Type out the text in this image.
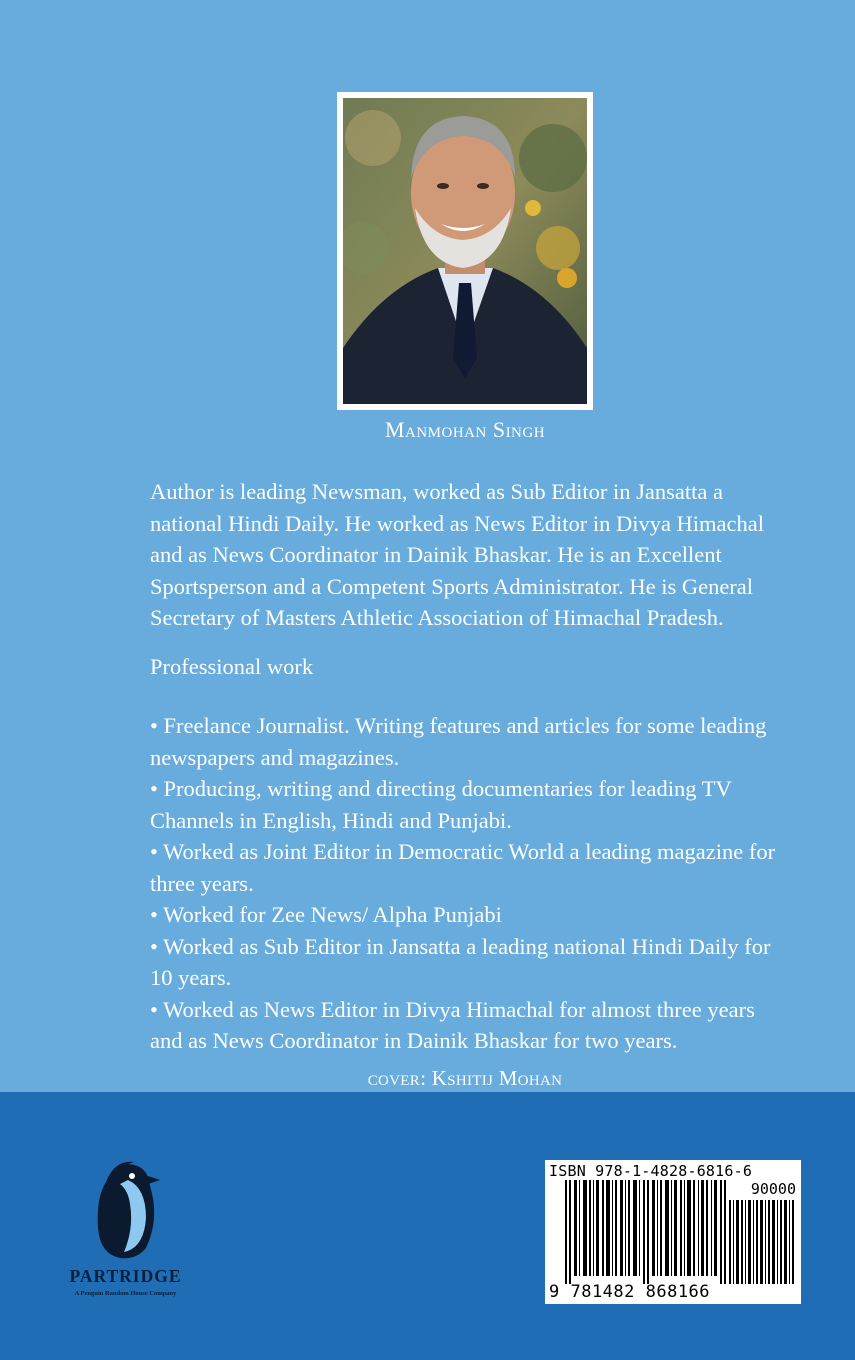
Manmohan Singh
Author is leading Newsman, worked as Sub Editor in Jansatta a national Hindi Daily. He worked as News Editor in Divya Himachal and as News Coordinator in Dainik Bhaskar. He is an Excellent Sportsperson and a Competent Sports Administrator. He is General Secretary of Masters Athletic Association of Himachal Pradesh.
Professional work
• Freelance Journalist. Writing features and articles for some leading newspapers and magazines.
• Producing, writing and directing documentaries for leading TV Channels in English, Hindi and Punjabi.
• Worked as Joint Editor in Democratic World a leading magazine for three years.
• Worked for Zee News/ Alpha Punjabi
• Worked as Sub Editor in Jansatta a leading national Hindi Daily for 10 years.
• Worked as News Editor in Divya Himachal for almost three years and as News Coordinator in Dainik Bhaskar for two years.
cover: Kshitij Mohan
PARTRIDGE
A Penguin Random House Company
ISBN 978-1-4828-6816-6
90000
9 781482 868166
